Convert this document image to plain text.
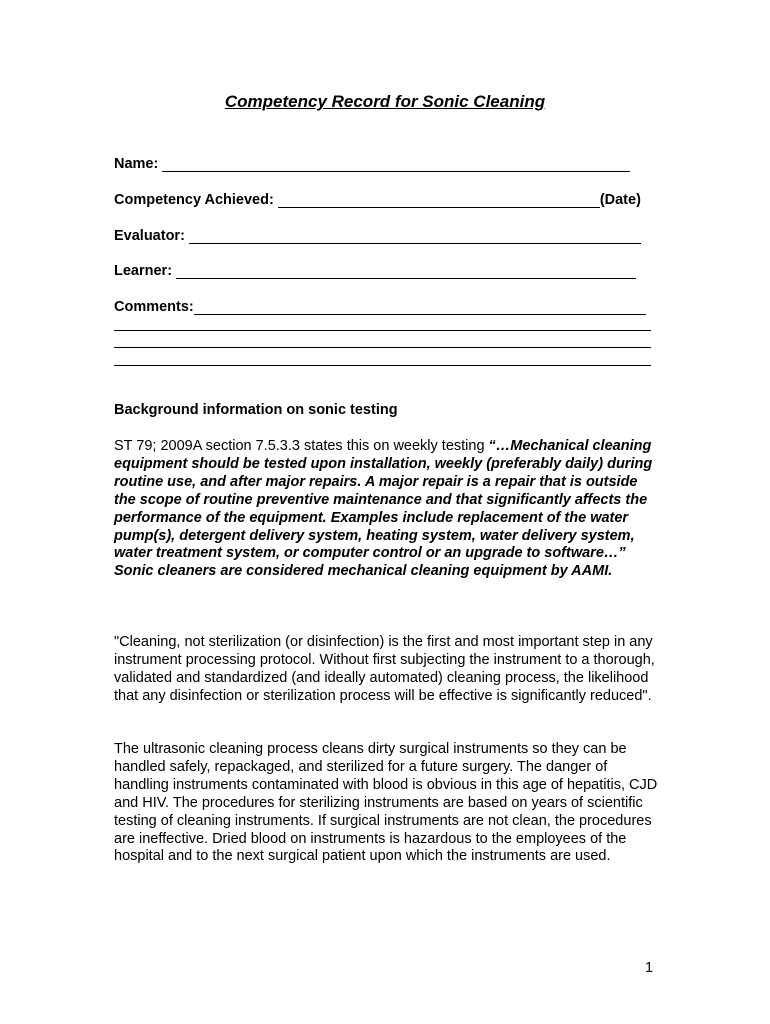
Competency Record for Sonic Cleaning
Name:
Competency Achieved:	(Date)
Evaluator:
Learner:
Comments:
Background information on sonic testing

ST 79; 2009A section 7.5.3.3 states this on weekly testing “…Mechanical cleaning equipment should be tested upon installation, weekly (preferably daily) during routine use, and after major repairs. A major repair is a repair that is outside the scope of routine preventive maintenance and that significantly affects the performance of the equipment. Examples include replacement of the water pump(s), detergent delivery system, heating system, water delivery system, water treatment system, or computer control or an upgrade to software…” Sonic cleaners are considered mechanical cleaning equipment by AAMI.

"Cleaning, not sterilization (or disinfection) is the first and most important step in any instrument processing protocol. Without first subjecting the instrument to a thorough, validated and standardized (and ideally automated) cleaning process, the likelihood that any disinfection or sterilization process will be effective is significantly reduced".

The ultrasonic cleaning process cleans dirty surgical instruments so they can be handled safely, repackaged, and sterilized for a future surgery. The danger of handling instruments contaminated with blood is obvious in this age of hepatitis, CJD and HIV. The procedures for sterilizing instruments are based on years of scientific testing of cleaning instruments. If surgical instruments are not clean, the procedures are ineffective. Dried blood on instruments is hazardous to the employees of the hospital and to the next surgical patient upon which the instruments are used.

1
